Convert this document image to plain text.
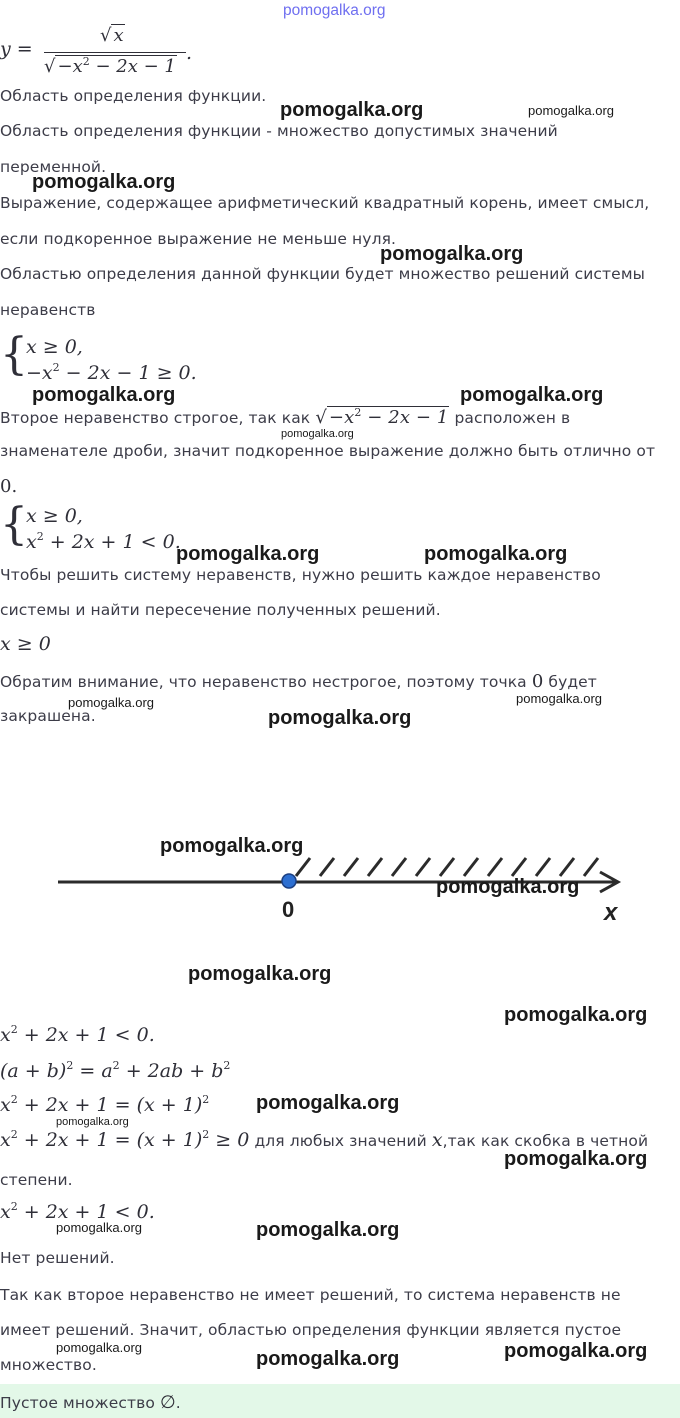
pomogalka.org
y =
√ x
√ $-x^2 - 2x - 1$
.
Область определения функции.
pomogalka.org	pomogalka.org
Область определения функции - множество допустимых значений
переменной.
pomogalka.org
Выражение, содержащее арифметический квадратный корень, имеет смысл,
если подкоренное выражение не меньше нуля.
pomogalka.org
Областью определения данной функции будет множество решений системы
неравенств
{
x ≥ 0,
$-x^2 - 2x - 1 \ge 0$.
pomogalka.org	pomogalka.org
Второе неравенство строгое, так как √ $-x^2 - 2x - 1$ расположен в
pomogalka.org
знаменателе дроби, значит подкоренное выражение должно быть отлично от
0.
{
x ≥ 0,
$x^2 + 2x + 1 < 0$.
pomogalka.org	pomogalka.org
Чтобы решить систему неравенств, нужно решить каждое неравенство
системы и найти пересечение полученных решений.
x ≥ 0
Обратим внимание, что неравенство нестрогое, поэтому точка 0 будет
pomogalka.org	pomogalka.org
закрашена.	pomogalka.org
0	x
pomogalka.org
pomogalka.org
pomogalka.org
pomogalka.org
$x^2 + 2x + 1 < 0$.
$(a + b)^2 = a^2 + 2ab + b^2$
$x^2 + 2x + 1 = (x + 1)^2$ pomogalka.org
$x^2 + 2x + 1 = (x + 1)^2 \ge 0$ для любых значений x,так как скобка в четной
pomogalka.org
pomogalka.org
степени.
$x^2 + 2x + 1 < 0$.
pomogalka.org	pomogalka.org
Нет решений.
Так как второе неравенство не имеет решений, то система неравенств не
имеет решений. Значит, областью определения функции является пустое
pomogalka.org
множество.	pomogalka.org	pomogalka.org
Пустое множество ∅.
